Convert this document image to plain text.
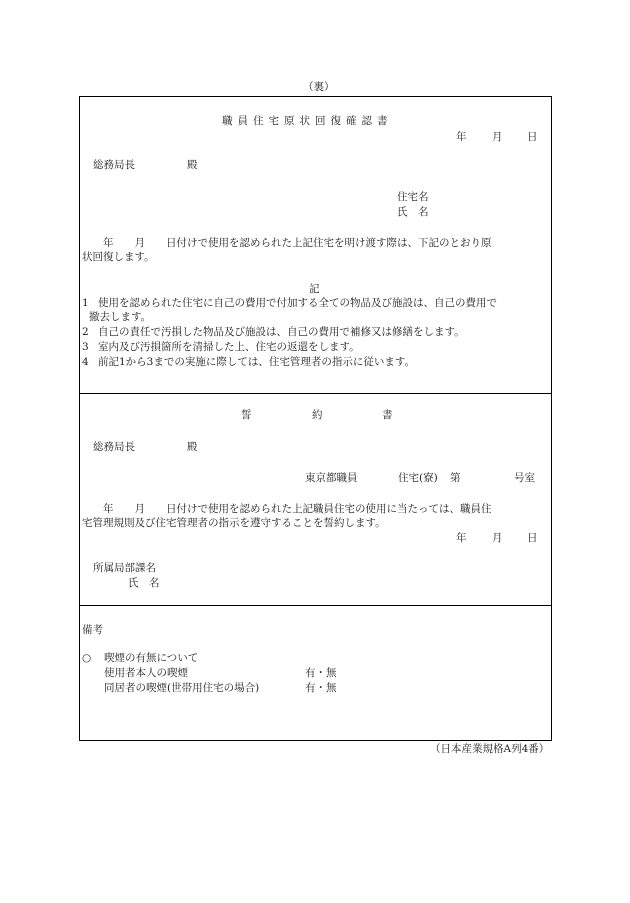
（裏）
職員住宅原状回復確認書
年 月 日
総務局長	殿
住宅名
氏　名
　　年　　月　　日付けで使用を認められた上記住宅を明け渡す際は、下記のとおり原
状回復します。
記
1 使用を認められた住宅に自己の費用で付加する全ての物品及び施設は、自己の費用で
撤去します。
2 自己の責任で汚損した物品及び施設は、自己の費用で補修又は修繕をします。
3 室内及び汚損箇所を清掃した上、住宅の返還をします。
4 前記1から3までの実施に際しては、住宅管理者の指示に従います。
誓	約	書
総務局長	殿
東京都職員	住宅(寮) 第	号室
　　年　　月　　日付けで使用を認められた上記職員住宅の使用に当たっては、職員住
宅管理規則及び住宅管理者の指示を遵守することを誓約します。
年 月 日
所属局部課名
氏　名
備考
○ 喫煙の有無について
使用者本人の喫煙	有・無
同居者の喫煙(世帯用住宅の場合)	有・無
（日本産業規格A列4番）
